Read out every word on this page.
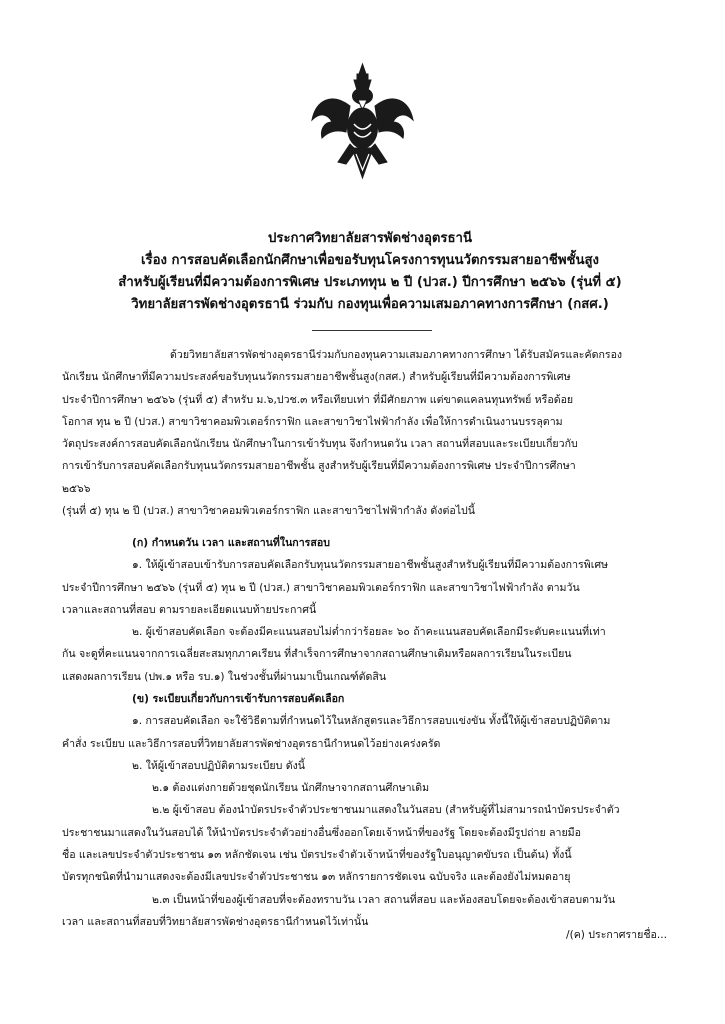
ประกาศวิทยาลัยสารพัดช่างอุตรธานี
เรื่อง การสอบคัดเลือกนักศึกษาเพื่อขอรับทุนโครงการทุนนวัตกรรมสายอาชีพชั้นสูง
สำหรับผู้เรียนที่มีความต้องการพิเศษ ประเภททุน ๒ ปี (ปวส.) ปีการศึกษา ๒๕๖๖ (รุ่นที่ ๕)
วิทยาลัยสารพัดช่างอุตรธานี ร่วมกับ กองทุนเพื่อความเสมอภาคทางการศึกษา (กสศ.)
ด้วยวิทยาลัยสารพัดช่างอุตรธานีร่วมกับกองทุนความเสมอภาคทางการศึกษา ได้รับสมัครและคัดกรอง
นักเรียน นักศึกษาที่มีความประสงค์ขอรับทุนนวัตกรรมสายอาชีพชั้นสูง(กสศ.) สำหรับผู้เรียนที่มีความต้องการพิเศษ
ประจำปีการศึกษา ๒๕๖๖ (รุ่นที่ ๕) สำหรับ ม.๖,ปวช.๓ หรือเทียบเท่า ที่มีศักยภาพ แต่ขาดแคลนทุนทรัพย์ หรือด้อย
โอกาส ทุน ๒ ปี (ปวส.) สาขาวิชาคอมพิวเตอร์กราฟิก และสาขาวิชาไฟฟ้ากำลัง เพื่อให้การดำเนินงานบรรลุตาม
วัตถุประสงค์การสอบคัดเลือกนักเรียน นักศึกษาในการเข้ารับทุน จึงกำหนดวัน เวลา สถานที่สอบและระเบียบเกี่ยวกับ
การเข้ารับการสอบคัดเลือกรับทุนนวัตกรรมสายอาชีพชั้น สูงสำหรับผู้เรียนที่มีความต้องการพิเศษ ประจำปีการศึกษา
๒๕๖๖
(รุ่นที่ ๕) ทุน ๒ ปี (ปวส.) สาขาวิชาคอมพิวเตอร์กราฟิก และสาขาวิชาไฟฟ้ากำลัง ดังต่อไปนี้
(ก) กำหนดวัน เวลา และสถานที่ในการสอบ
๑. ให้ผู้เข้าสอบเข้ารับการสอบคัดเลือกรับทุนนวัตกรรมสายอาชีพชั้นสูงสำหรับผู้เรียนที่มีความต้องการพิเศษ
ประจำปีการศึกษา ๒๕๖๖ (รุ่นที่ ๕) ทุน ๒ ปี (ปวส.) สาขาวิชาคอมพิวเตอร์กราฟิก และสาขาวิชาไฟฟ้ากำลัง ตามวัน
เวลาและสถานที่สอบ ตามรายละเอียดแนบท้ายประกาศนี้
๒. ผู้เข้าสอบคัดเลือก จะต้องมีคะแนนสอบไม่ต่ำกว่าร้อยละ ๖๐ ถ้าคะแนนสอบคัดเลือกมีระดับคะแนนที่เท่า
กัน จะดูที่คะแนนจากการเฉลี่ยสะสมทุกภาคเรียน ที่สำเร็จการศึกษาจากสถานศึกษาเดิมหรือผลการเรียนในระเบียน
แสดงผลการเรียน (ปพ.๑ หรือ รบ.๑) ในช่วงชั้นที่ผ่านมาเป็นเกณฑ์ตัดสิน
(ข) ระเบียบเกี่ยวกับการเข้ารับการสอบคัดเลือก
๑. การสอบคัดเลือก จะใช้วิธีตามที่กำหนดไว้ในหลักสูตรและวิธีการสอบแข่งขัน ทั้งนี้ให้ผู้เข้าสอบปฏิบัติตาม
คำสั่ง ระเบียบ และวิธีการสอบที่วิทยาลัยสารพัดช่างอุตรธานีกำหนดไว้อย่างเคร่งครัด
๒. ให้ผู้เข้าสอบปฏิบัติตามระเบียบ ดังนี้
๒.๑ ต้องแต่งกายด้วยชุดนักเรียน นักศึกษาจากสถานศึกษาเดิม
๒.๒ ผู้เข้าสอบ ต้องนำบัตรประจำตัวประชาชนมาแสดงในวันสอบ (สำหรับผู้ที่ไม่สามารถนำบัตรประจำตัว
ประชาชนมาแสดงในวันสอบได้ ให้นำบัตรประจำตัวอย่างอื่นซึ่งออกโดยเจ้าหน้าที่ของรัฐ โดยจะต้องมีรูปถ่าย ลายมือ
ชื่อ และเลขประจำตัวประชาชน ๑๓ หลักชัดเจน เช่น บัตรประจำตัวเจ้าหน้าที่ของรัฐใบอนุญาตขับรถ เป็นต้น) ทั้งนี้
บัตรทุกชนิดที่นำมาแสดงจะต้องมีเลขประจำตัวประชาชน ๑๓ หลักรายการชัดเจน ฉบับจริง และต้องยังไม่หมดอายุ
๒.๓ เป็นหน้าที่ของผู้เข้าสอบที่จะต้องทราบวัน เวลา สถานที่สอบ และห้องสอบโดยจะต้องเข้าสอบตามวัน
เวลา และสถานที่สอบที่วิทยาลัยสารพัดช่างอุตรธานีกำหนดไว้เท่านั้น
/(ค) ประกาศรายชื่อ...
